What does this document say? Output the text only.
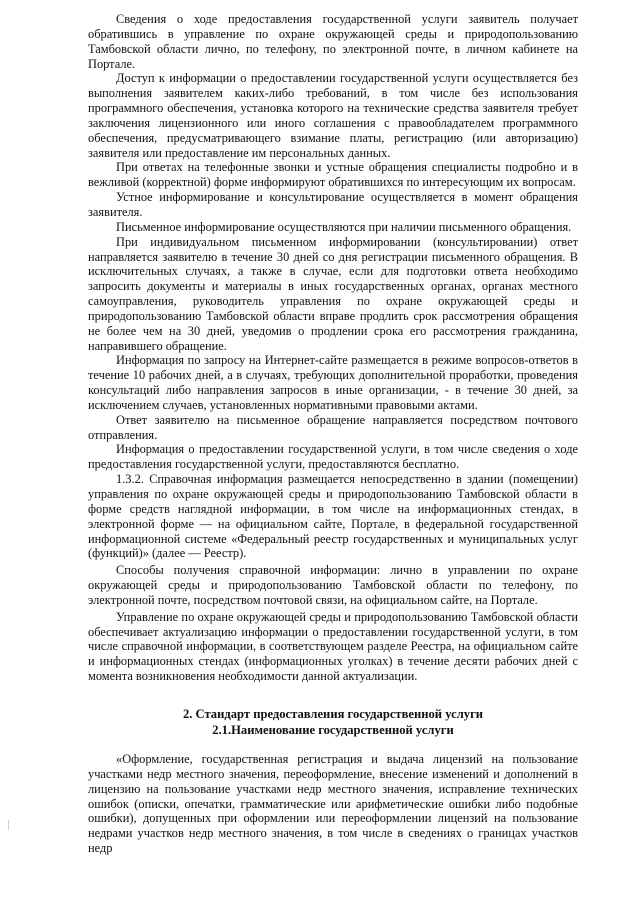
Сведения о ходе предоставления государственной услуги заявитель получает обратившись в управление по охране окружающей среды и природопользованию Тамбовской области лично, по телефону, по электронной почте, в личном кабинете на Портале.

Доступ к информации о предоставлении государственной услуги осуществляется без выполнения заявителем каких-либо требований, в том числе без использования программного обеспечения, установка которого на технические средства заявителя требует заключения лицензионного или иного соглашения с правообладателем программного обеспечения, предусматривающего взимание платы, регистрацию (или авторизацию) заявителя или предоставление им персональных данных.

При ответах на телефонные звонки и устные обращения специалисты подробно и в вежливой (корректной) форме информируют обратившихся по интересующим их вопросам.

Устное информирование и консультирование осуществляется в момент обращения заявителя.

Письменное информирование осуществляются при наличии письменного обращения.

При индивидуальном письменном информировании (консультировании) ответ направляется заявителю в течение 30 дней со дня регистрации письменного обращения. В исключительных случаях, а также в случае, если для подготовки ответа необходимо запросить документы и материалы в иных государственных органах, органах местного самоуправления, руководитель управления по охране окружающей среды и природопользованию Тамбовской области вправе продлить срок рассмотрения обращения не более чем на 30 дней, уведомив о продлении срока его рассмотрения гражданина, направившего обращение.

Информация по запросу на Интернет-сайте размещается в режиме вопросов-ответов в течение 10 рабочих дней, а в случаях, требующих дополнительной проработки, проведения консультаций либо направления запросов в иные организации, - в течение 30 дней, за исключением случаев, установленных нормативными правовыми актами.

Ответ заявителю на письменное обращение направляется посредством почтового отправления.

Информация о предоставлении государственной услуги, в том числе сведения о ходе предоставления государственной услуги, предоставляются бесплатно.

1.3.2. Справочная информация размещается непосредственно в здании (помещении) управления по охране окружающей среды и природопользованию Тамбовской области в форме средств наглядной информации, в том числе на информационных стендах, в электронной форме — на официальном сайте, Портале, в федеральной государственной информационной системе «Федеральный реестр государственных и муниципальных услуг (функций)» (далее — Реестр).

Способы получения справочной информации: лично в управлении по охране окружающей среды и природопользованию Тамбовской области по телефону, по электронной почте, посредством почтовой связи, на официальном сайте, на Портале.

Управление по охране окружающей среды и природопользованию Тамбовской области обеспечивает актуализацию информации о предоставлении государственной услуги, в том числе справочной информации, в соответствующем разделе Реестра, на официальном сайте и информационных стендах (информационных уголках) в течение десяти рабочих дней с момента возникновения необходимости данной актуализации.

2. Стандарт предоставления государственной услуги
2.1.Наименование государственной услуги

«Оформление, государственная регистрация и выдача лицензий на пользование участками недр местного значения, переоформление, внесение изменений и дополнений в лицензию на пользование участками недр местного значения, исправление технических ошибок (описки, опечатки, грамматические или арифметические ошибки либо подобные ошибки), допущенных при оформлении или переоформлении лицензий на пользование недрами участков недр местного значения, в том числе в сведениях о границах участков недр
